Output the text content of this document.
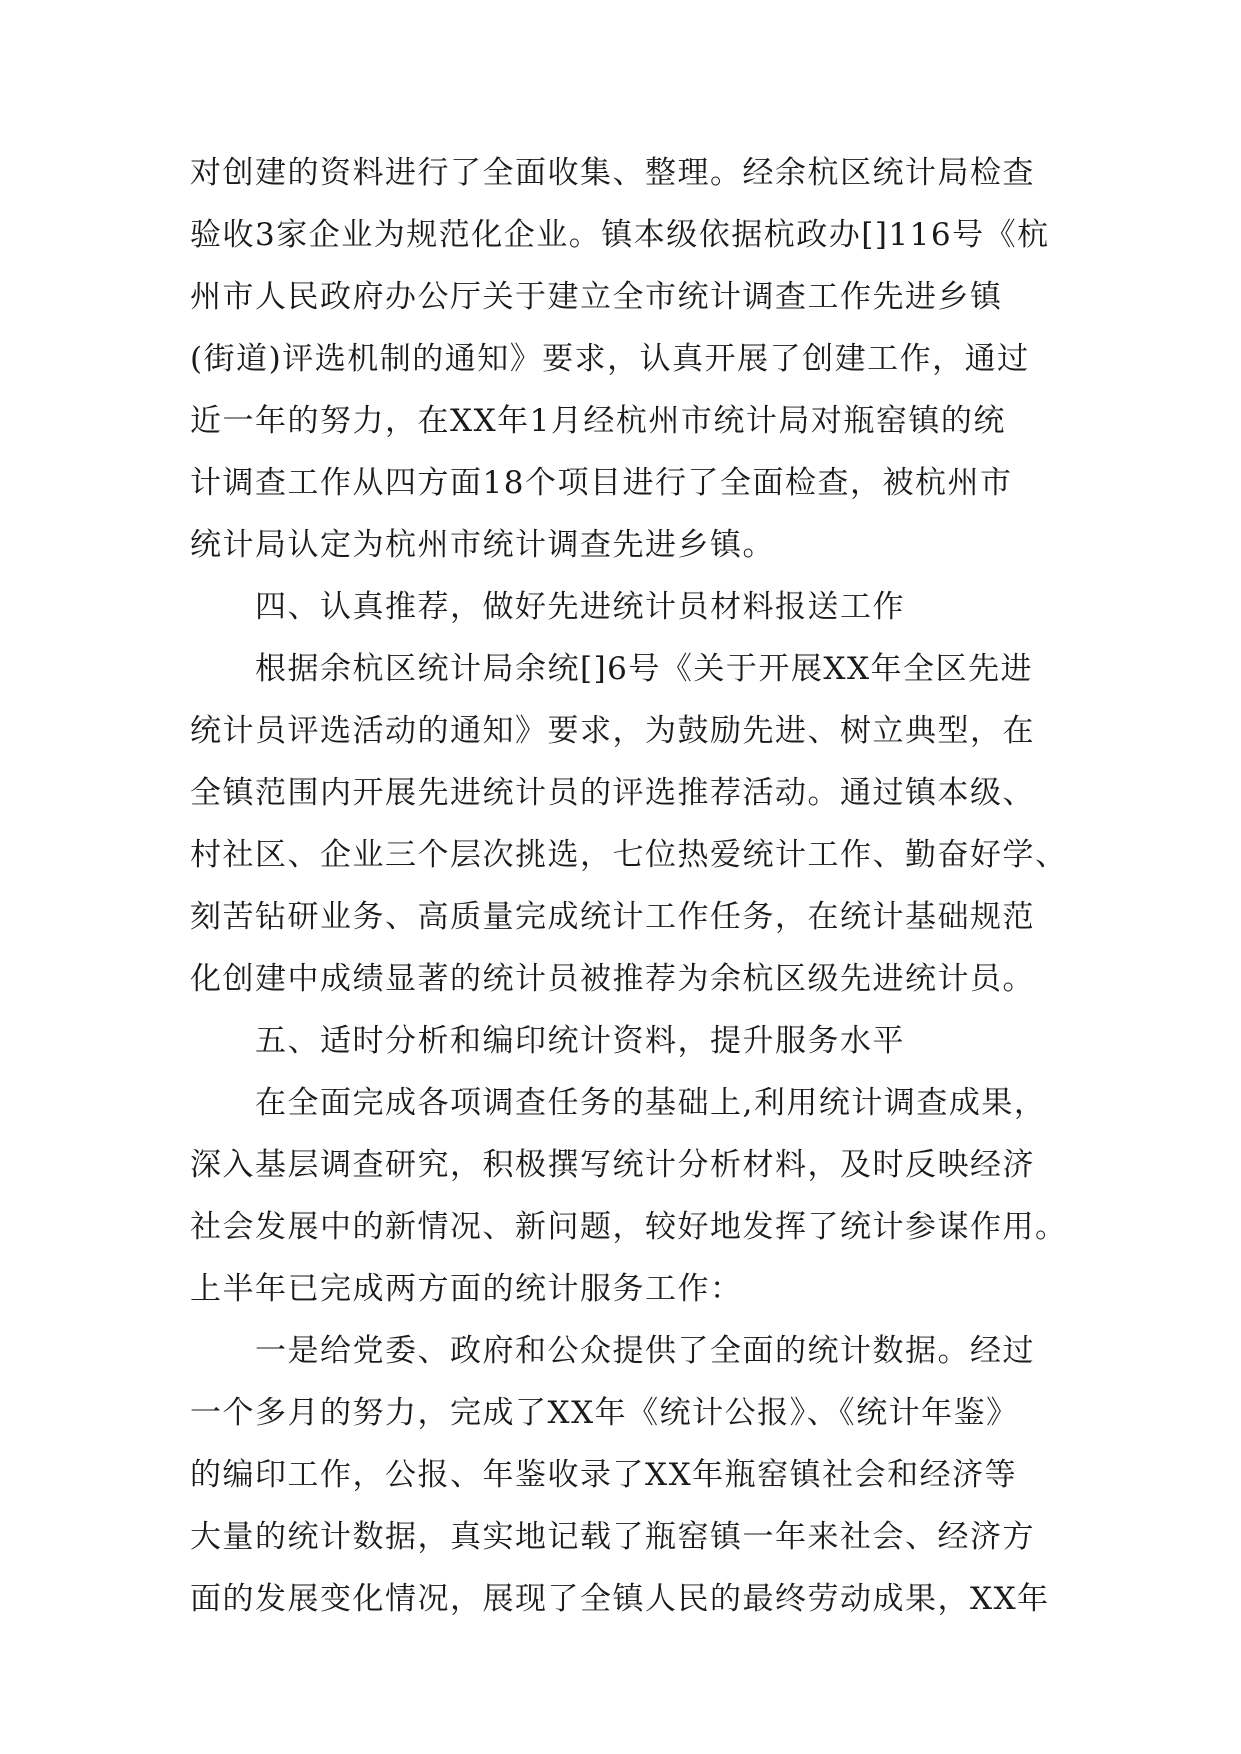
对创建的资料进行了全面收集、整理。经余杭区统计局检查
验收3家企业为规范化企业。镇本级依据杭政办[]116号《杭
州市人民政府办公厅关于建立全市统计调查工作先进乡镇
(街道)评选机制的通知》要求，认真开展了创建工作，通过
近一年的努力，在XX年1月经杭州市统计局对瓶窑镇的统
计调查工作从四方面18个项目进行了全面检查，被杭州市
统计局认定为杭州市统计调查先进乡镇。
四、认真推荐，做好先进统计员材料报送工作
根据余杭区统计局余统[]6号《关于开展XX年全区先进
统计员评选活动的通知》要求，为鼓励先进、树立典型，在
全镇范围内开展先进统计员的评选推荐活动。通过镇本级、
村社区、企业三个层次挑选，七位热爱统计工作、勤奋好学、
刻苦钻研业务、高质量完成统计工作任务，在统计基础规范
化创建中成绩显著的统计员被推荐为余杭区级先进统计员。
五、适时分析和编印统计资料，提升服务水平
在全面完成各项调查任务的基础上,利用统计调查成果，
深入基层调查研究，积极撰写统计分析材料，及时反映经济
社会发展中的新情况、新问题，较好地发挥了统计参谋作用。
上半年已完成两方面的统计服务工作：
一是给党委、政府和公众提供了全面的统计数据。经过
一个多月的努力，完成了XX年《统计公报》、《统计年鉴》
的编印工作，公报、年鉴收录了XX年瓶窑镇社会和经济等
大量的统计数据，真实地记载了瓶窑镇一年来社会、经济方
面的发展变化情况，展现了全镇人民的最终劳动成果，XX年
